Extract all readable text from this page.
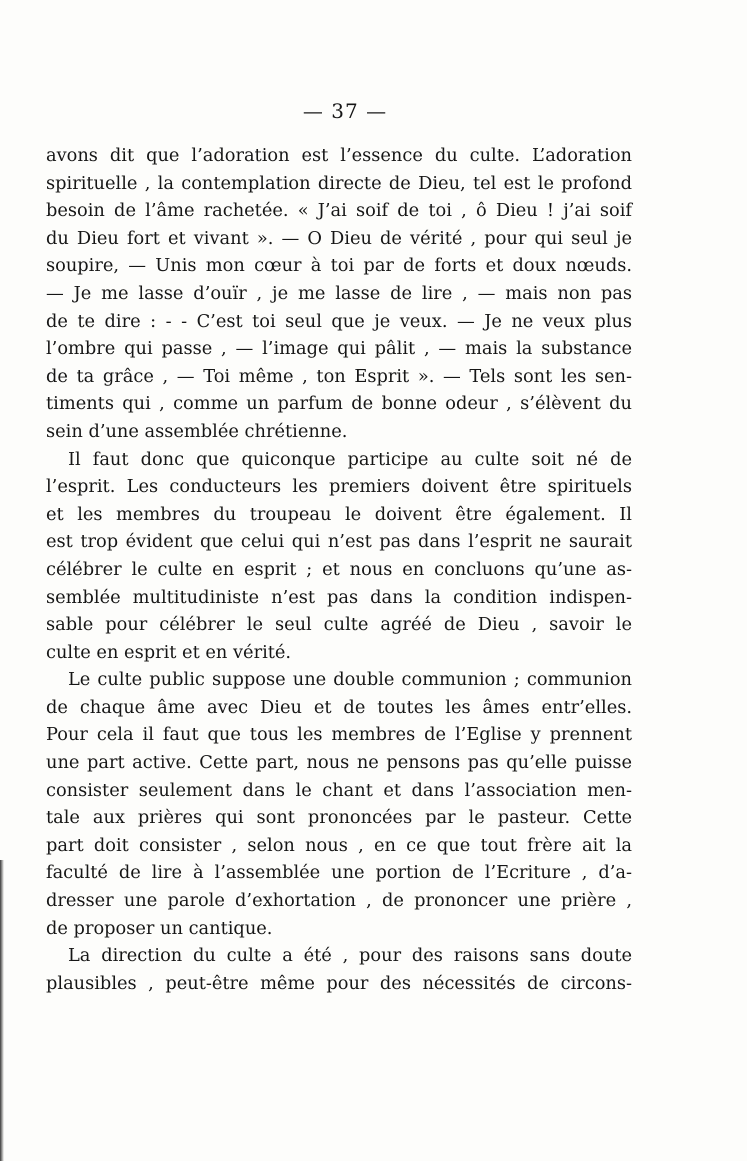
— 37 —
avons dit que l’adoration est l’essence du culte. L’adoration
spirituelle , la contemplation directe de Dieu, tel est le profond
besoin de l’âme rachetée. « J’ai soif de toi , ô Dieu ! j’ai soif
du Dieu fort et vivant ». — O Dieu de vérité , pour qui seul je
soupire, — Unis mon cœur à toi par de forts et doux nœuds.
— Je me lasse d’ouïr , je me lasse de lire , — mais non pas
de te dire : - - C’est toi seul que je veux. — Je ne veux plus
l’ombre qui passe , — l’image qui pâlit , — mais la substance
de ta grâce , — Toi même , ton Esprit ». — Tels sont les sen-
timents qui , comme un parfum de bonne odeur , s’élèvent du
sein d’une assemblée chrétienne.
Il faut donc que quiconque participe au culte soit né de
l’esprit. Les conducteurs les premiers doivent être spirituels
et les membres du troupeau le doivent être également. Il
est trop évident que celui qui n’est pas dans l’esprit ne saurait
célébrer le culte en esprit ; et nous en concluons qu’une as-
semblée multitudiniste n’est pas dans la condition indispen-
sable pour célébrer le seul culte agréé de Dieu , savoir le
culte en esprit et en vérité.
Le culte public suppose une double communion ; communion
de chaque âme avec Dieu et de toutes les âmes entr’elles.
Pour cela il faut que tous les membres de l’Eglise y prennent
une part active. Cette part, nous ne pensons pas qu’elle puisse
consister seulement dans le chant et dans l’association men-
tale aux prières qui sont prononcées par le pasteur. Cette
part doit consister , selon nous , en ce que tout frère ait la
faculté de lire à l’assemblée une portion de l’Ecriture , d’a-
dresser une parole d’exhortation , de prononcer une prière ,
de proposer un cantique.
La direction du culte a été , pour des raisons sans doute
plausibles , peut-être même pour des nécessités de circons-
